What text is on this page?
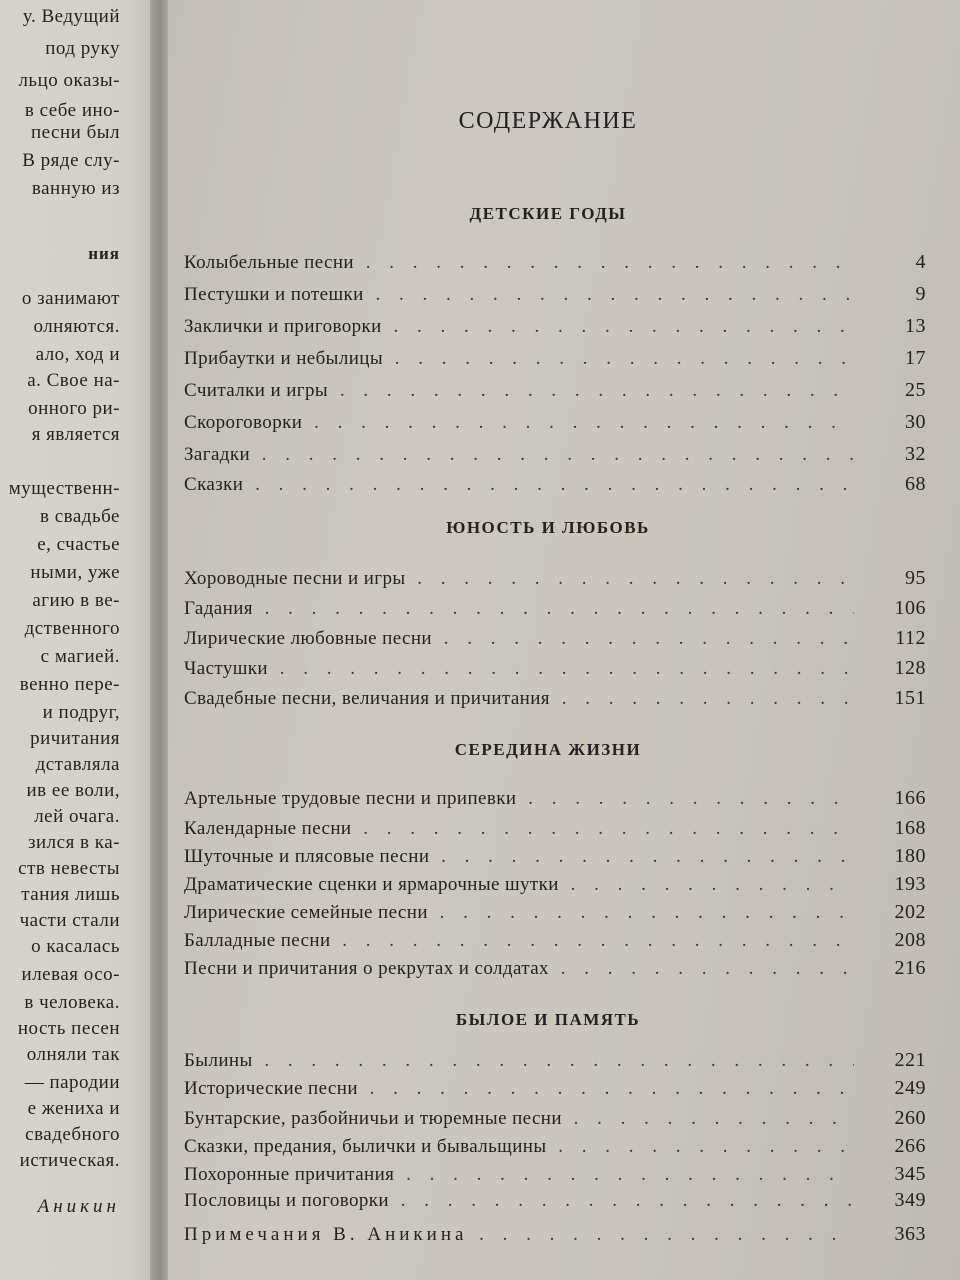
у. Ведущий
под руку
льцо оказы-
в себе ино-
песни был
В ряде слу-
ванную из
ния
о занимают
олняются.
ало, ход и
а. Свое на-
онного ри-
я является
мущественн-
в свадьбе
е, счастье
ными, уже
агию в ве-
дственного
с магией.
венно пере-
и подруг,
ричитания
дставляла
ив ее воли,
лей очага.
зился в ка-
ств невесты
тания лишь
части стали
о касалась
илевая осо-
в человека.
ность песен
олняли так
— пародии
е жениха и
свадебного
истическая.
Аникин
СОДЕРЖАНИЕ
ДЕТСКИЕ ГОДЫ
Колыбельные песни . . .	4
Пестушки и потешки . . .	9
Заклички и приговорки . . .	13
Прибаутки и небылицы . . .	17
Считалки и игры . . .	25
Скороговорки . . .	30
Загадки . . .	32
Сказки . . .	68
ЮНОСТЬ И ЛЮБОВЬ
Хороводные песни и игры . . .	95
Гадания . . .	106
Лирические любовные песни . . .	112
Частушки . . .	128
Свадебные песни, величания и причитания . . .	151
СЕРЕДИНА ЖИЗНИ
Артельные трудовые песни и припевки . . .	166
Календарные песни . . .	168
Шуточные и плясовые песни . . .	180
Драматические сценки и ярмарочные шутки . . .	193
Лирические семейные песни . . .	202
Балладные песни . . .	208
Песни и причитания о рекрутах и солдатах . . .	216
БЫЛОЕ И ПАМЯТЬ
Былины . . .	221
Исторические песни . . .	249
Бунтарские, разбойничьи и тюремные песни . . .	260
Сказки, предания, былички и бывальщины . . .	266
Похоронные причитания . . .	345
Пословицы и поговорки . . .	349
Примечания В. Аникина . . .	363
